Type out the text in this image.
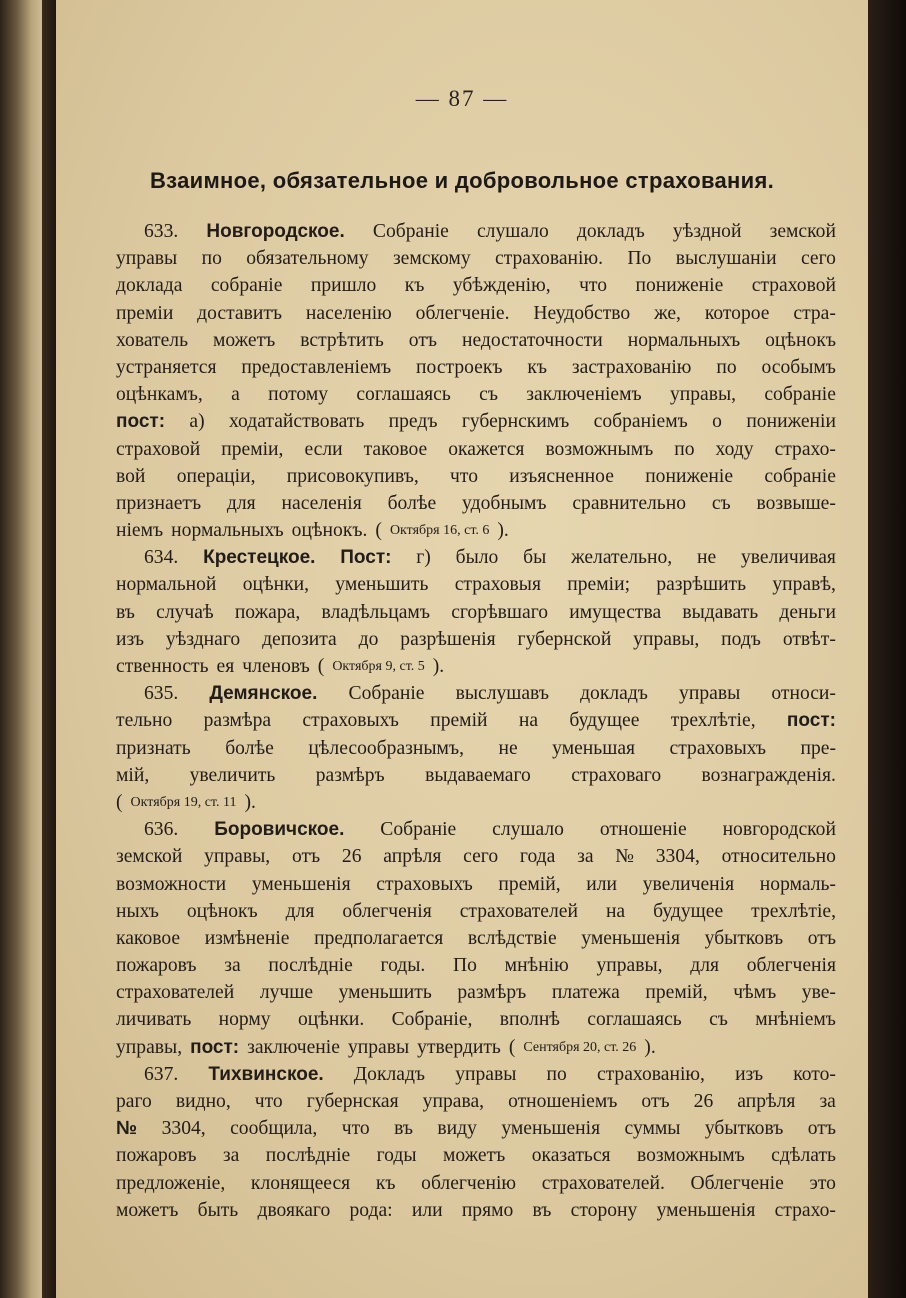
— 87 —
Взаимное, обязательное и добровольное страхования.
633. Новгородское. Собраніе слушало докладъ уѣздной земской
управы по обязательному земскому страхованію. По выслушаніи сего
доклада собраніе пришло къ убѣжденію, что пониженіе страховой
преміи доставитъ населенію облегченіе. Неудобство же, которое стра-
хователь можетъ встрѣтить отъ недостаточности нормальныхъ оцѣнокъ
устраняется предоставленіемъ построекъ къ застрахованію по особымъ
оцѣнкамъ, а потому соглашаясь съ заключеніемъ управы, собраніе
пост: а) ходатайствовать предъ губернскимъ собраніемъ о пониженіи
страховой преміи, если таковое окажется возможнымъ по ходу страхо-
вой операціи, присовокупивъ, что изъясненное пониженіе собраніе
признаетъ для населенія болѣе удобнымъ сравнительно съ возвыше-
ніемъ нормальныхъ оцѣнокъ. ( Октября 16, ст. 6 ).
634. Крестецкое. Пост: г) было бы желательно, не увеличивая
нормальной оцѣнки, уменьшить страховыя преміи; разрѣшить управѣ,
въ случаѣ пожара, владѣльцамъ сгорѣвшаго имущества выдавать деньги
изъ уѣзднаго депозита до разрѣшенія губернской управы, подъ отвѣт-
ственность ея членовъ ( Октября 9, ст. 5 ).
635. Демянское. Собраніе выслушавъ докладъ управы относи-
тельно размѣра страховыхъ премій на будущее трехлѣтіе, пост:
признать болѣе цѣлесообразнымъ, не уменьшая страховыхъ пре-
мій, увеличить размѣръ выдаваемаго страховаго вознагражденія.
( Октября 19, ст. 11 ).
636. Боровичское. Собраніе слушало отношеніе новгородской
земской управы, отъ 26 апрѣля сего года за № 3304, относительно
возможности уменьшенія страховыхъ премій, или увеличенія нормаль-
ныхъ оцѣнокъ для облегченія страхователей на будущее трехлѣтіе,
каковое измѣненіе предполагается вслѣдствіе уменьшенія убытковъ отъ
пожаровъ за послѣдніе годы. По мнѣнію управы, для облегченія
страхователей лучше уменьшить размѣръ платежа премій, чѣмъ уве-
личивать норму оцѣнки. Собраніе, вполнѣ соглашаясь съ мнѣніемъ
управы, пост: заключеніе управы утвердить ( Сентября 20, ст. 26 ).
637. Тихвинское. Докладъ управы по страхованію, изъ кото-
раго видно, что губернская управа, отношеніемъ отъ 26 апрѣля за
№ 3304, сообщила, что въ виду уменьшенія суммы убытковъ отъ
пожаровъ за послѣдніе годы можетъ оказаться возможнымъ сдѣлать
предложеніе, клонящееся къ облегченію страхователей. Облегченіе это
можетъ быть двоякаго рода: или прямо въ сторону уменьшенія страхо-
